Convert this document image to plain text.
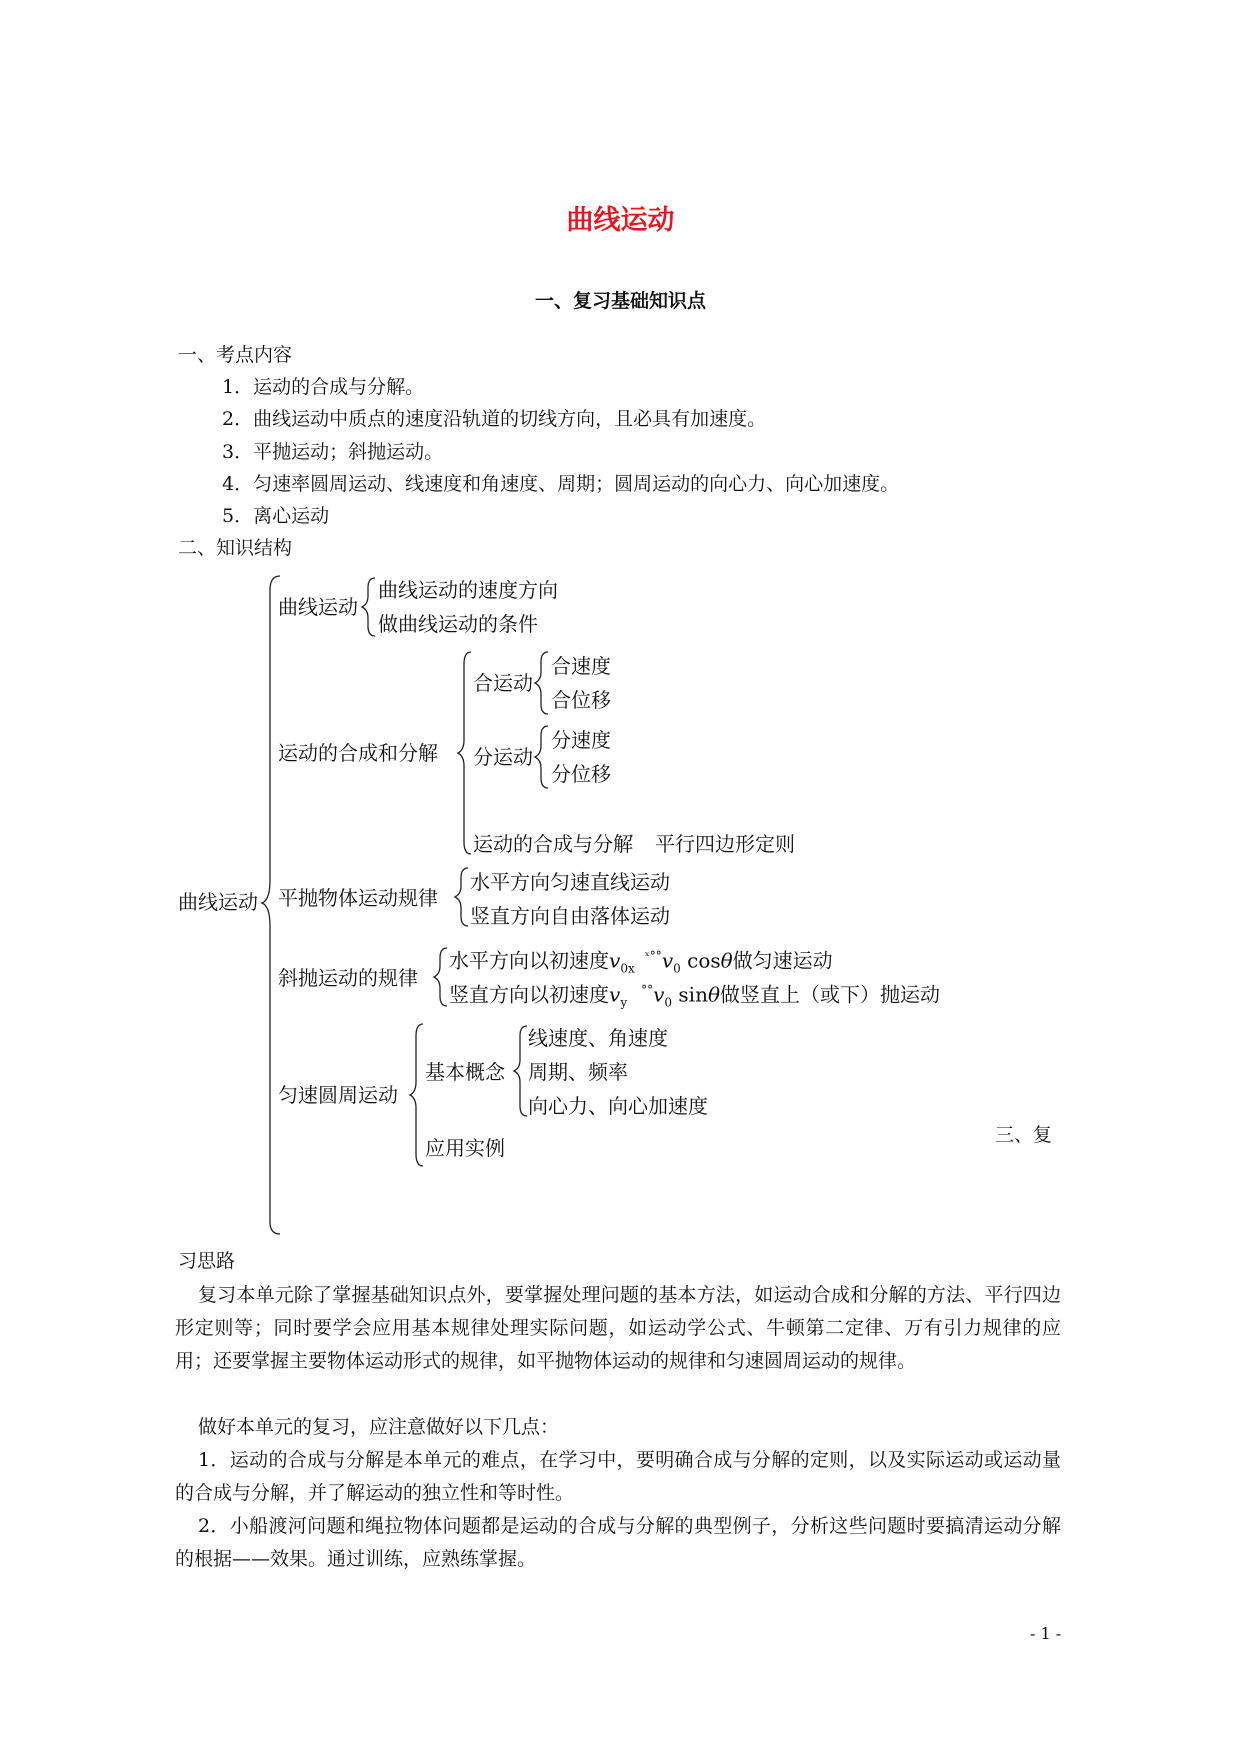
曲线运动
一、复习基础知识点
一、考点内容
1．运动的合成与分解。
2．曲线运动中质点的速度沿轨道的切线方向，且必具有加速度。
3．平抛运动；斜抛运动。
4．匀速率圆周运动、线速度和角速度、周期；圆周运动的向心力、向心加速度。
5．离心运动
二、知识结构
曲线运动
曲线运动
曲线运动的速度方向
做曲线运动的条件
运动的合成和分解
合运动
合速度
合位移
分运动
分速度
分位移
运动的合成与分解 平行四边形定则
平抛物体运动规律
水平方向匀速直线运动
竖直方向自由落体运动
斜抛运动的规律
水平方向以初速度$v_{0x}^{ˣ^\circ^\circ}v_0$ cosθ做匀速运动
竖直方向以初速度$v_y^{^\circ^\circ}v_0$ sinθ做竖直上（或下）抛运动
匀速圆周运动
基本概念
线速度、角速度
周期、频率
向心力、向心加速度
应用实例
三、复
习思路
复习本单元除了掌握基础知识点外，要掌握处理问题的基本方法，如运动合成和分解的方法、平行四边形定则等；同时要学会应用基本规律处理实际问题，如运动学公式、牛顿第二定律、万有引力规律的应用；还要掌握主要物体运动形式的规律，如平抛物体运动的规律和匀速圆周运动的规律。
做好本单元的复习，应注意做好以下几点：
1．运动的合成与分解是本单元的难点，在学习中，要明确合成与分解的定则，以及实际运动或运动量的合成与分解，并了解运动的独立性和等时性。
2．小船渡河问题和绳拉物体问题都是运动的合成与分解的典型例子，分析这些问题时要搞清运动分解的根据——效果。通过训练，应熟练掌握。
- 1 -
